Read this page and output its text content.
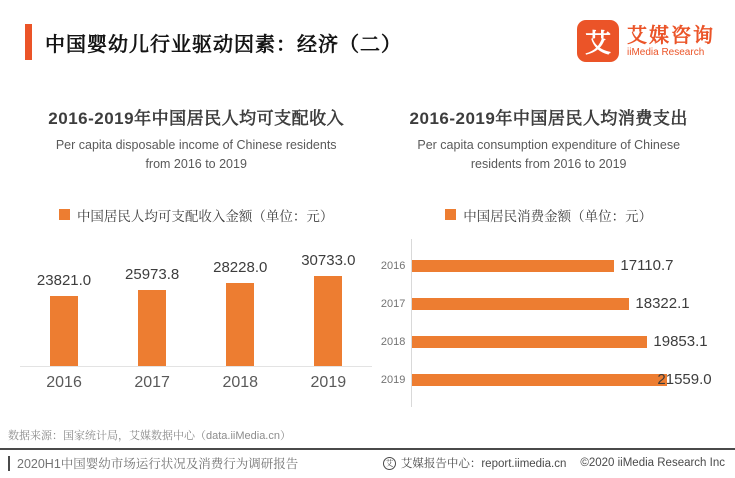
中国婴幼儿行业驱动因素：经济（二）	艾 艾媒咨询
iiMedia Research
2016-2019年中国居民人均可支配收入
Per capita disposable income of Chinese residents
from 2016 to 2019
中国居民人均可支配收入金额（单位：元）
23821.0 25973.8 28228.0 30733.0
2016	2017	2018	2019
2016-2019年中国居民人均消费支出
Per capita consumption expenditure of Chinese
residents from 2016 to 2019
中国居民消费金额（单位：元）
2016
2017
2018
2019
17110.7
18322.1
19853.1
21559.0
数据来源：国家统计局，艾媒数据中心（data.iiMedia.cn）
2020H1中国婴幼市场运行状况及消费行为调研报告	艾 艾媒报告中心：report.iimedia.cn ©2020 iiMedia Research Inc
